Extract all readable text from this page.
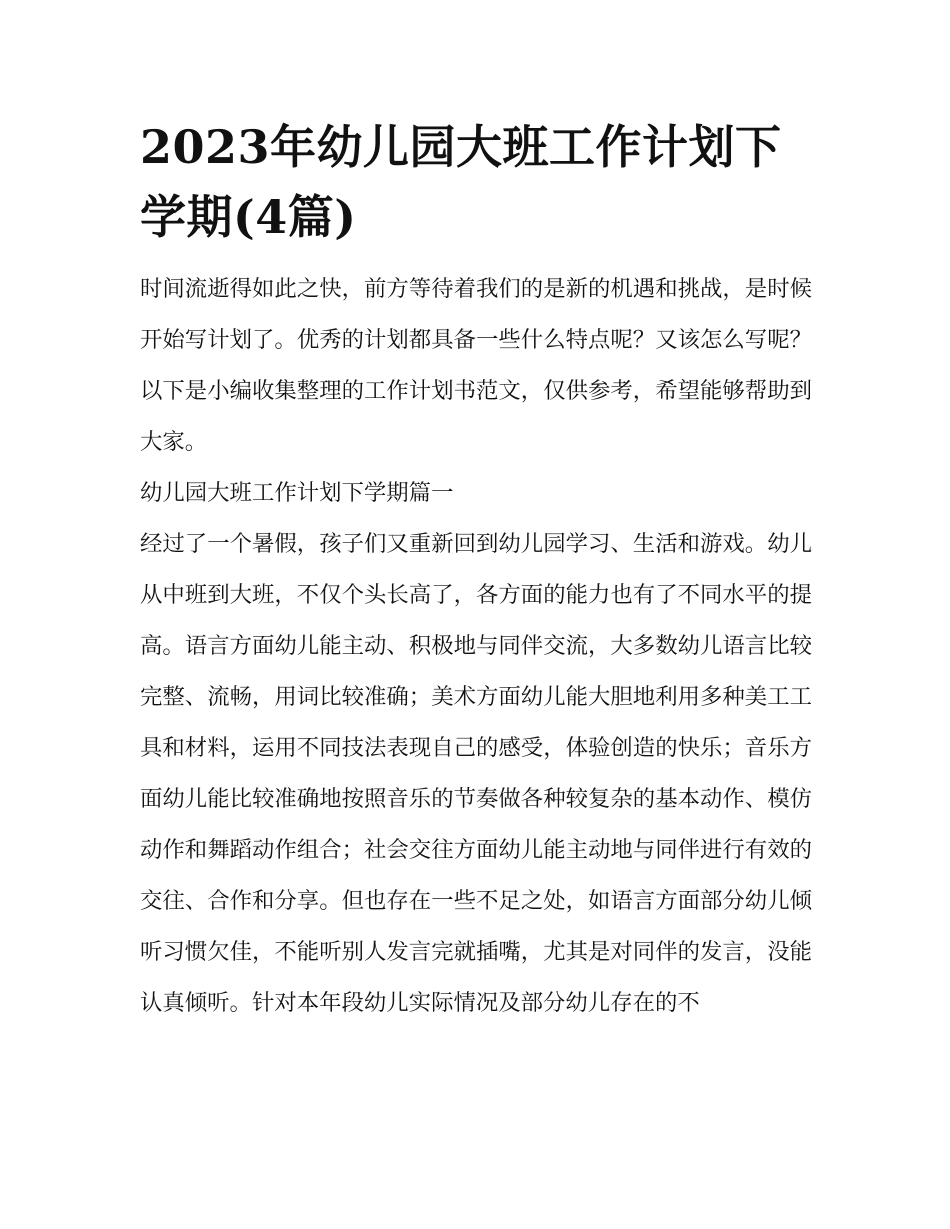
2023年幼儿园大班工作计划下学期(4篇)

时间流逝得如此之快，前方等待着我们的是新的机遇和挑战，是时候开始写计划了。优秀的计划都具备一些什么特点呢？又该怎么写呢？以下是小编收集整理的工作计划书范文，仅供参考，希望能够帮助到大家。

幼儿园大班工作计划下学期篇一

经过了一个暑假，孩子们又重新回到幼儿园学习、生活和游戏。幼儿从中班到大班，不仅个头长高了，各方面的能力也有了不同水平的提高。语言方面幼儿能主动、积极地与同伴交流，大多数幼儿语言比较完整、流畅，用词比较准确；美术方面幼儿能大胆地利用多种美工工具和材料，运用不同技法表现自己的感受，体验创造的快乐；音乐方面幼儿能比较准确地按照音乐的节奏做各种较复杂的基本动作、模仿动作和舞蹈动作组合；社会交往方面幼儿能主动地与同伴进行有效的交往、合作和分享。但也存在一些不足之处，如语言方面部分幼儿倾听习惯欠佳，不能听别人发言完就插嘴，尤其是对同伴的发言，没能认真倾听。针对本年段幼儿实际情况及部分幼儿存在的不
